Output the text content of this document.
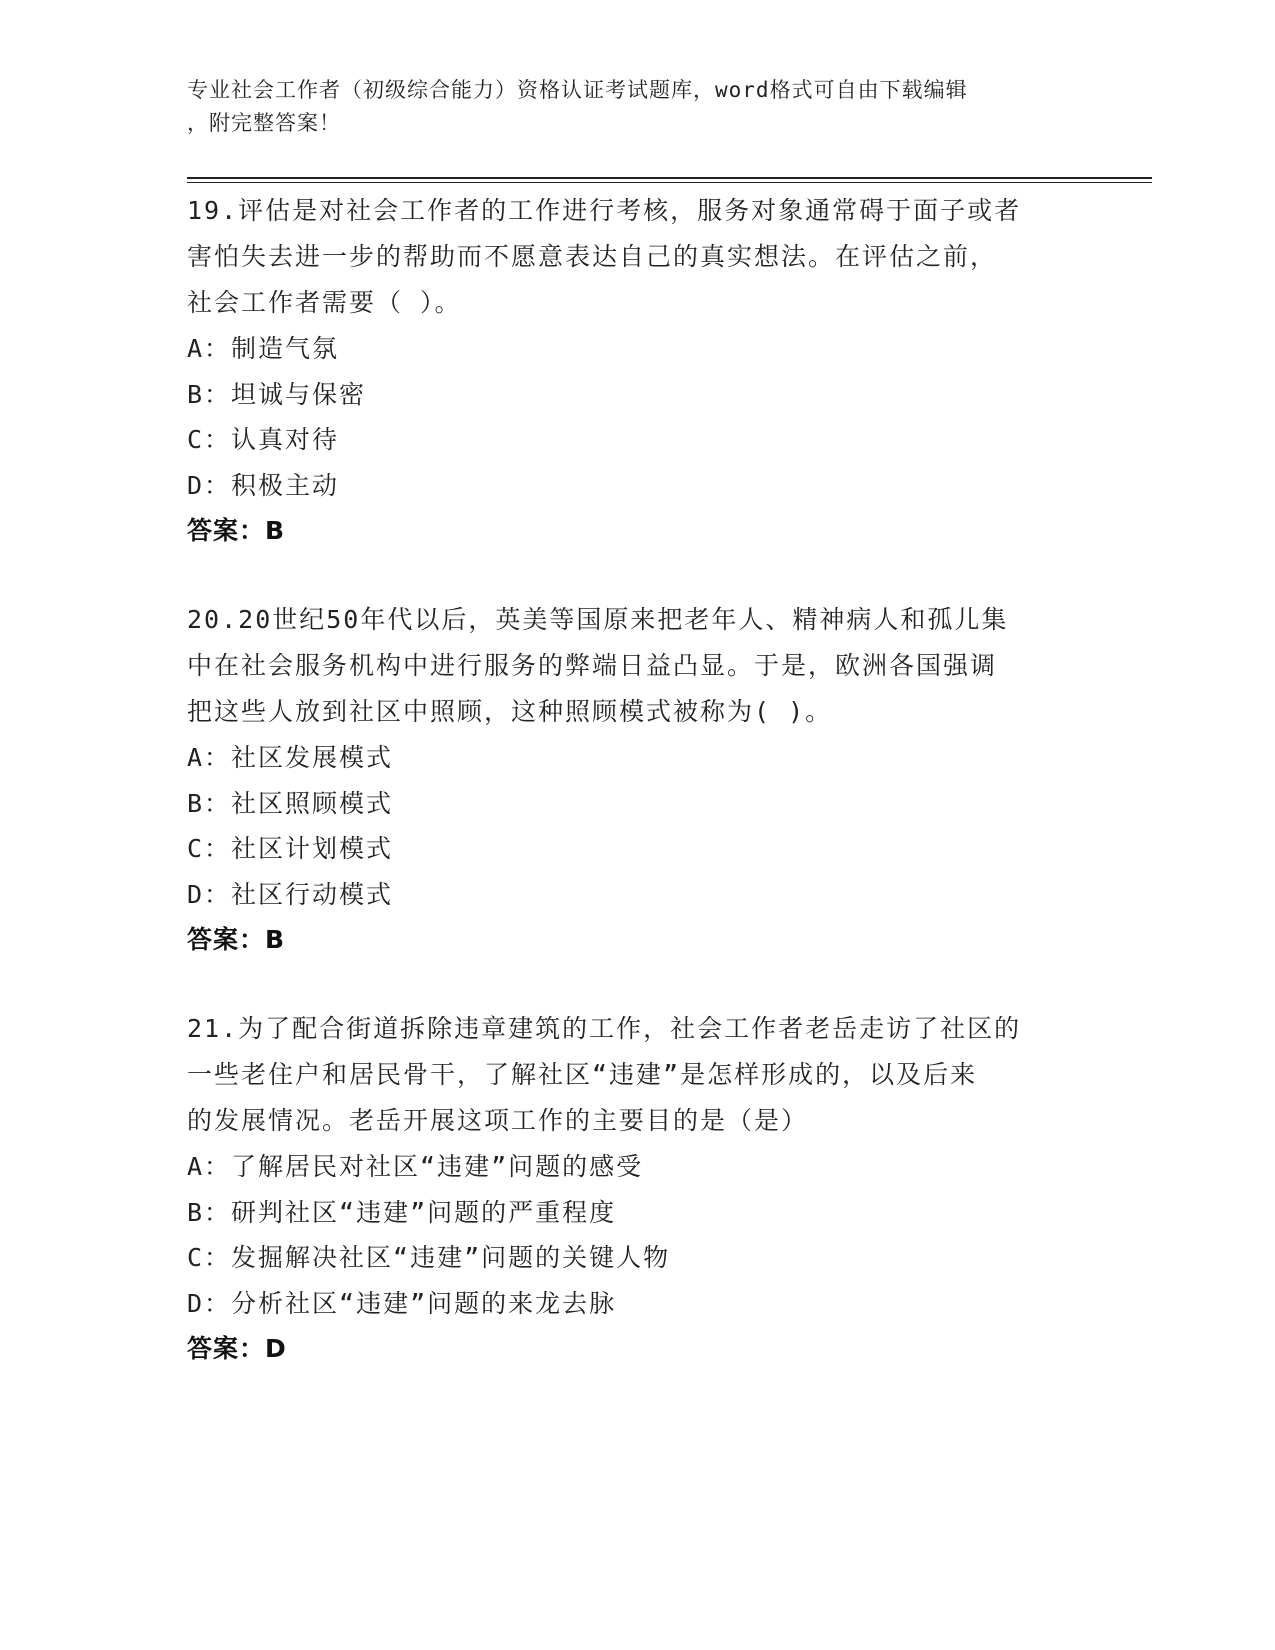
专业社会工作者（初级综合能力）资格认证考试题库，word格式可自由下载编辑
，附完整答案！
19.评估是对社会工作者的工作进行考核，服务对象通常碍于面子或者
害怕失去进一步的帮助而不愿意表达自己的真实想法。在评估之前，
社会工作者需要（ ）。
A：制造气氛
B：坦诚与保密
C：认真对待
D：积极主动
答案：B
20.20世纪50年代以后，英美等国原来把老年人、精神病人和孤儿集
中在社会服务机构中进行服务的弊端日益凸显。于是，欧洲各国强调
把这些人放到社区中照顾，这种照顾模式被称为( )。
A：社区发展模式
B：社区照顾模式
C：社区计划模式
D：社区行动模式
答案：B
21.为了配合街道拆除违章建筑的工作，社会工作者老岳走访了社区的
一些老住户和居民骨干，了解社区“违建”是怎样形成的，以及后来
的发展情况。老岳开展这项工作的主要目的是（是）
A：了解居民对社区“违建”问题的感受
B：研判社区“违建”问题的严重程度
C：发掘解决社区“违建”问题的关键人物
D：分析社区“违建”问题的来龙去脉
答案：D
